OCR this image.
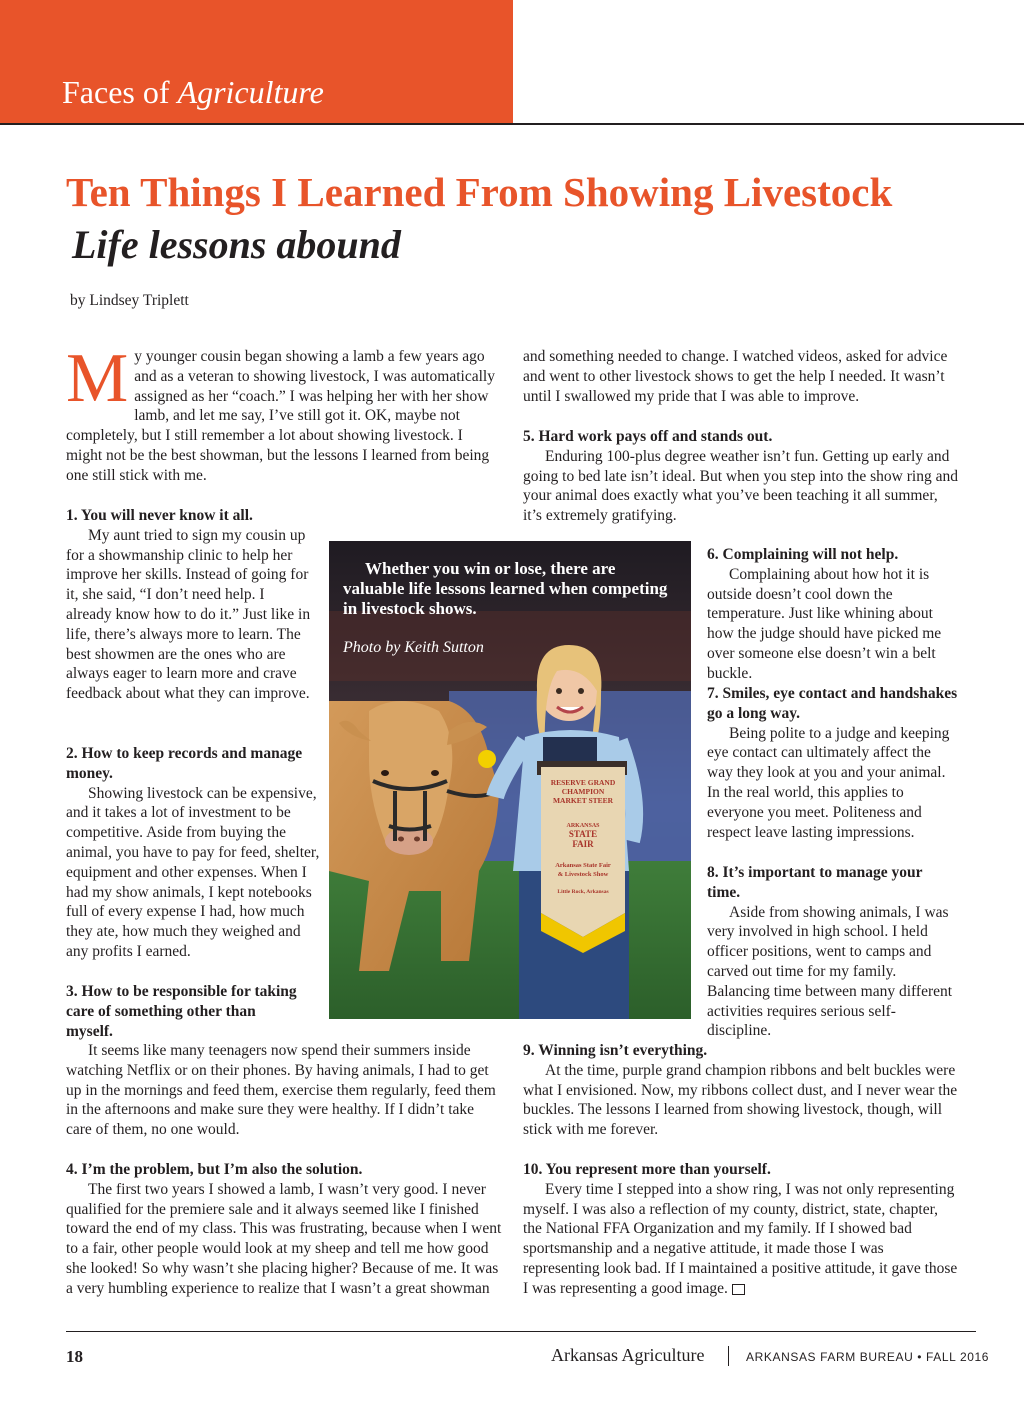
Faces of Agriculture
Ten Things I Learned From Showing Livestock
Life lessons abound
by Lindsey Triplett
My younger cousin began showing a lamb a few years ago and as a veteran to showing livestock, I was automatically assigned as her “coach.” I was helping her with her show lamb, and let me say, I’ve still got it. OK, maybe not completely, but I still remember a lot about showing livestock. I might not be the best showman, but the lessons I learned from being one still stick with me.

1. You will never know it all.

My aunt tried to sign my cousin up for a showmanship clinic to help her improve her skills. Instead of going for it, she said, “I don’t need help. I already know how to do it.” Just like in life, there’s always more to learn. The best showmen are the ones who are always eager to learn more and crave feedback about what they can improve.

2. How to keep records and manage money.

Showing livestock can be expensive, and it takes a lot of investment to be competitive. Aside from buying the animal, you have to pay for feed, shelter, equipment and other expenses. When I had my show animals, I kept notebooks full of every expense I had, how much they ate, how much they weighed and any profits I earned.

3. How to be responsible for taking care of something other than myself.

It seems like many teenagers now spend their summers inside watching Netflix or on their phones. By having animals, I had to get up in the mornings and feed them, exercise them regularly, feed them in the afternoons and make sure they were healthy. If I didn’t take care of them, no one would.

4. I’m the problem, but I’m also the solution.

The first two years I showed a lamb, I wasn’t very good. I never qualified for the premiere sale and it always seemed like I finished toward the end of my class. This was frustrating, because when I went to a fair, other people would look at my sheep and tell me how good she looked! So why wasn’t she placing higher? Because of me. It was a very humbling experience to realize that I wasn’t a great showman

and something needed to change. I watched videos, asked for advice and went to other livestock shows to get the help I needed. It wasn’t until I swallowed my pride that I was able to improve.

5. Hard work pays off and stands out.

Enduring 100-plus degree weather isn’t fun. Getting up early and going to bed late isn’t ideal. But when you step into the show ring and your animal does exactly what you’ve been teaching it all summer, it’s extremely gratifying.

6. Complaining will not help.

Complaining about how hot it is outside doesn’t cool down the temperature. Just like whining about how the judge should have picked me over someone else doesn’t win a belt buckle.

7. Smiles, eye contact and handshakes go a long way.

Being polite to a judge and keeping eye contact can ultimately affect the way they look at you and your animal. In the real world, this applies to everyone you meet. Politeness and respect leave lasting impressions.

8. It’s important to manage your time.

Aside from showing animals, I was very involved in high school. I held officer positions, went to camps and carved out time for my family. Balancing time between many different activities requires serious self-discipline.

9. Winning isn’t everything.

At the time, purple grand champion ribbons and belt buckles were what I envisioned. Now, my ribbons collect dust, and I never wear the buckles. The lessons I learned from showing livestock, though, will stick with me forever.

10. You represent more than yourself.

Every time I stepped into a show ring, I was not only representing myself. I was also a reflection of my county, district, state, chapter, the National FFA Organization and my family. If I showed bad sportsmanship and a negative attitude, it made those I was representing look bad. If I maintained a positive attitude, it gave those I was representing a good image.

RESERVE GRAND
CHAMPION
MARKET STEER
ARKANSAS
STATE
FAIR
Arkansas State Fair
& Livestock Show
Little Rock, Arkansas
Whether you win or lose, there are valuable life lessons learned when competing in livestock shows.
Photo by Keith Sutton
18	Arkansas Agriculture	ARKANSAS FARM BUREAU • FALL 2016
